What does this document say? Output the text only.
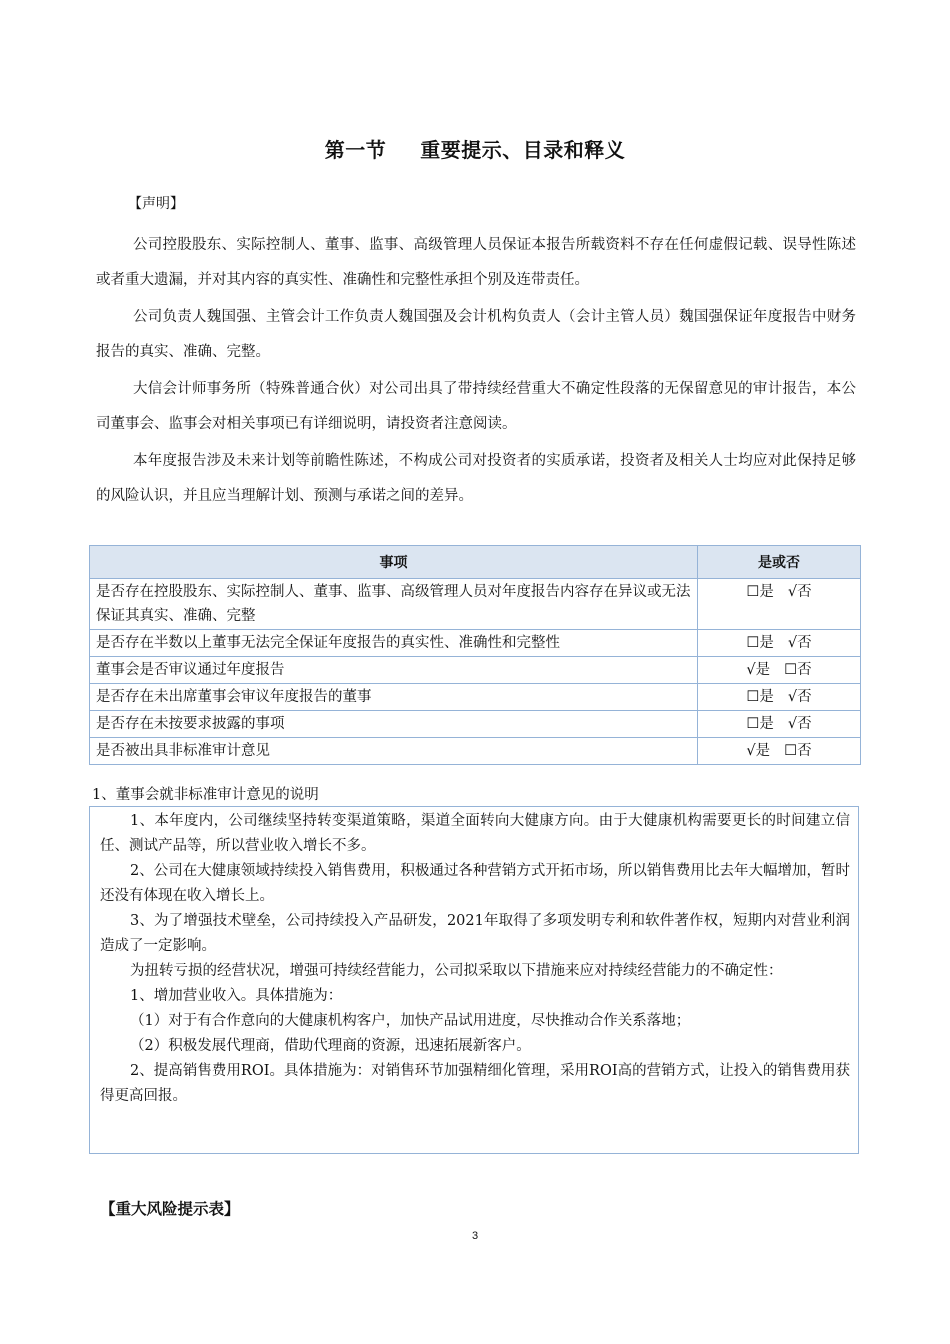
第一节 重要提示、目录和释义
【声明】

公司控股股东、实际控制人、董事、监事、高级管理人员保证本报告所载资料不存在任何虚假记载、误导性陈述或者重大遗漏，并对其内容的真实性、准确性和完整性承担个别及连带责任。

公司负责人魏国强、主管会计工作负责人魏国强及会计机构负责人（会计主管人员）魏国强保证年度报告中财务报告的真实、准确、完整。

大信会计师事务所（特殊普通合伙）对公司出具了带持续经营重大不确定性段落的无保留意见的审计报告，本公司董事会、监事会对相关事项已有详细说明，请投资者注意阅读。

本年度报告涉及未来计划等前瞻性陈述，不构成公司对投资者的实质承诺，投资者及相关人士均应对此保持足够的风险认识，并且应当理解计划、预测与承诺之间的差异。

事项	是或否
是否存在控股股东、实际控制人、董事、监事、高级管理人员对年度报告内容存在异议或无法保证其真实、准确、完整	☐是 √否
是否存在半数以上董事无法完全保证年度报告的真实性、准确性和完整性	☐是 √否
董事会是否审议通过年度报告	√是 ☐否
是否存在未出席董事会审议年度报告的董事	☐是 √否
是否存在未按要求披露的事项	☐是 √否
是否被出具非标准审计意见	√是 ☐否
1、董事会就非标准审计意见的说明

1、本年度内，公司继续坚持转变渠道策略，渠道全面转向大健康方向。由于大健康机构需要更长的时间建立信任、测试产品等，所以营业收入增长不多。

2、公司在大健康领域持续投入销售费用，积极通过各种营销方式开拓市场，所以销售费用比去年大幅增加，暂时还没有体现在收入增长上。

3、为了增强技术壁垒，公司持续投入产品研发，2021年取得了多项发明专利和软件著作权，短期内对营业利润造成了一定影响。

为扭转亏损的经营状况，增强可持续经营能力，公司拟采取以下措施来应对持续经营能力的不确定性：

1、增加营业收入。具体措施为：

（1）对于有合作意向的大健康机构客户，加快产品试用进度，尽快推动合作关系落地；

（2）积极发展代理商，借助代理商的资源，迅速拓展新客户。

2、提高销售费用ROI。具体措施为：对销售环节加强精细化管理，采用ROI高的营销方式，让投入的销售费用获得更高回报。

【重大风险提示表】
3
